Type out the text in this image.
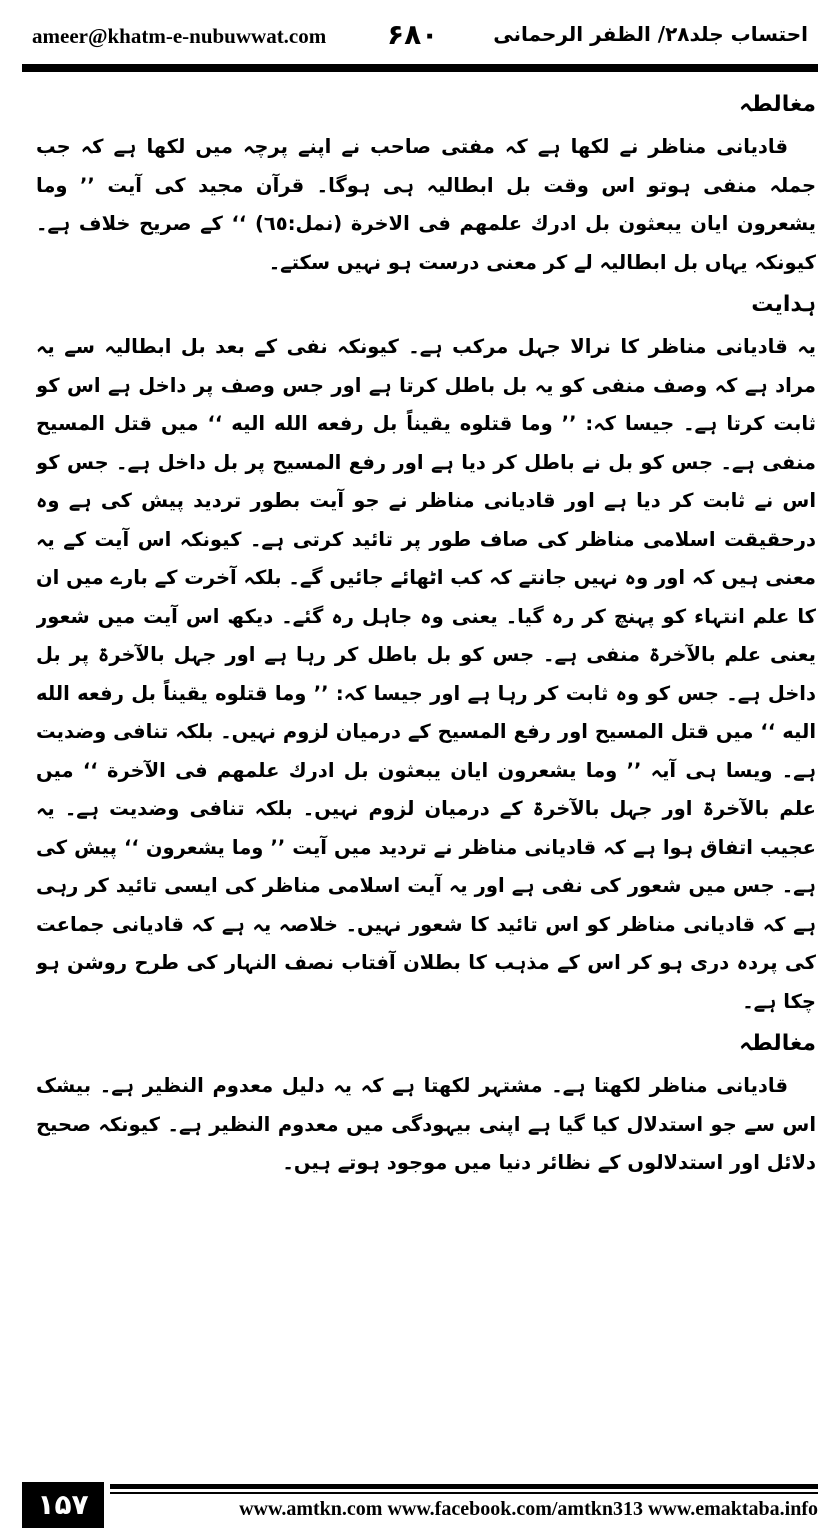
ameer@khatm-e-nubuwwat.com ۶۸۰	احتساب جلد۲۸/ الظفر الرحمانی
مغالطہ

قادیانی مناظر نے لکھا ہے کہ مفتی صاحب نے اپنے پرچہ میں لکھا ہے کہ جب جملہ منفی ہوتو اس وقت بل ابطالیہ ہی ہوگا۔ قرآن مجید کی آیت ’’ وما یشعرون ایان یبعثون بل ادرك علمهم فی الاخرة (نمل:٦٥) ‘‘ کے صریح خلاف ہے۔ کیونکہ یہاں بل ابطالیہ لے کر معنی درست ہو نہیں سکتے۔

ہدایت

یہ قادیانی مناظر کا نرالا جہل مرکب ہے۔ کیونکہ نفی کے بعد بل ابطالیہ سے یہ مراد ہے کہ وصف منفی کو یہ بل باطل کرتا ہے اور جس وصف پر داخل ہے اس کو ثابت کرتا ہے۔ جیسا کہ: ’’ وما قتلوه یقیناً بل رفعه الله الیه ‘‘ میں قتل المسیح منفی ہے۔ جس کو بل نے باطل کر دیا ہے اور رفع المسیح پر بل داخل ہے۔ جس کو اس نے ثابت کر دیا ہے اور قادیانی مناظر نے جو آیت بطور تردید پیش کی ہے وہ درحقیقت اسلامی مناظر کی صاف طور پر تائید کرتی ہے۔ کیونکہ اس آیت کے یہ معنی ہیں کہ اور وہ نہیں جانتے کہ کب اٹھائے جائیں گے۔ بلکہ آخرت کے بارے میں ان کا علم انتہاء کو پہنچ کر رہ گیا۔ یعنی وہ جاہل رہ گئے۔ دیکھ اس آیت میں شعور یعنی علم بالآخرۃ منفی ہے۔ جس کو بل باطل کر رہا ہے اور جہل بالآخرۃ پر بل داخل ہے۔ جس کو وہ ثابت کر رہا ہے اور جیسا کہ: ’’ وما قتلوه یقیناً بل رفعه الله الیه ‘‘ میں قتل المسیح اور رفع المسیح کے درمیان لزوم نہیں۔ بلکہ تنافی وضدیت ہے۔ ویسا ہی آیہ ’’ وما یشعرون ایان یبعثون بل ادرك علمهم فی الآخرة ‘‘ میں علم بالآخرۃ اور جہل بالآخرۃ کے درمیان لزوم نہیں۔ بلکہ تنافی وضدیت ہے۔ یہ عجیب اتفاق ہوا ہے کہ قادیانی مناظر نے تردید میں آیت ’’ وما یشعرون ‘‘ پیش کی ہے۔ جس میں شعور کی نفی ہے اور یہ آیت اسلامی مناظر کی ایسی تائید کر رہی ہے کہ قادیانی مناظر کو اس تائید کا شعور نہیں۔ خلاصہ یہ ہے کہ قادیانی جماعت کی پردہ دری ہو کر اس کے مذہب کا بطلان آفتاب نصف النہار کی طرح روشن ہو چکا ہے۔

مغالطہ

قادیانی مناظر لکھتا ہے۔ مشتہر لکھتا ہے کہ یہ دلیل معدوم النظیر ہے۔ بیشک اس سے جو استدلال کیا گیا ہے اپنی بیہودگی میں معدوم النظیر ہے۔ کیونکہ صحیح دلائل اور استدلالوں کے نظائر دنیا میں موجود ہوتے ہیں۔

۱۵۷	www.amtkn.com www.facebook.com/amtkn313 www.emaktaba.info
